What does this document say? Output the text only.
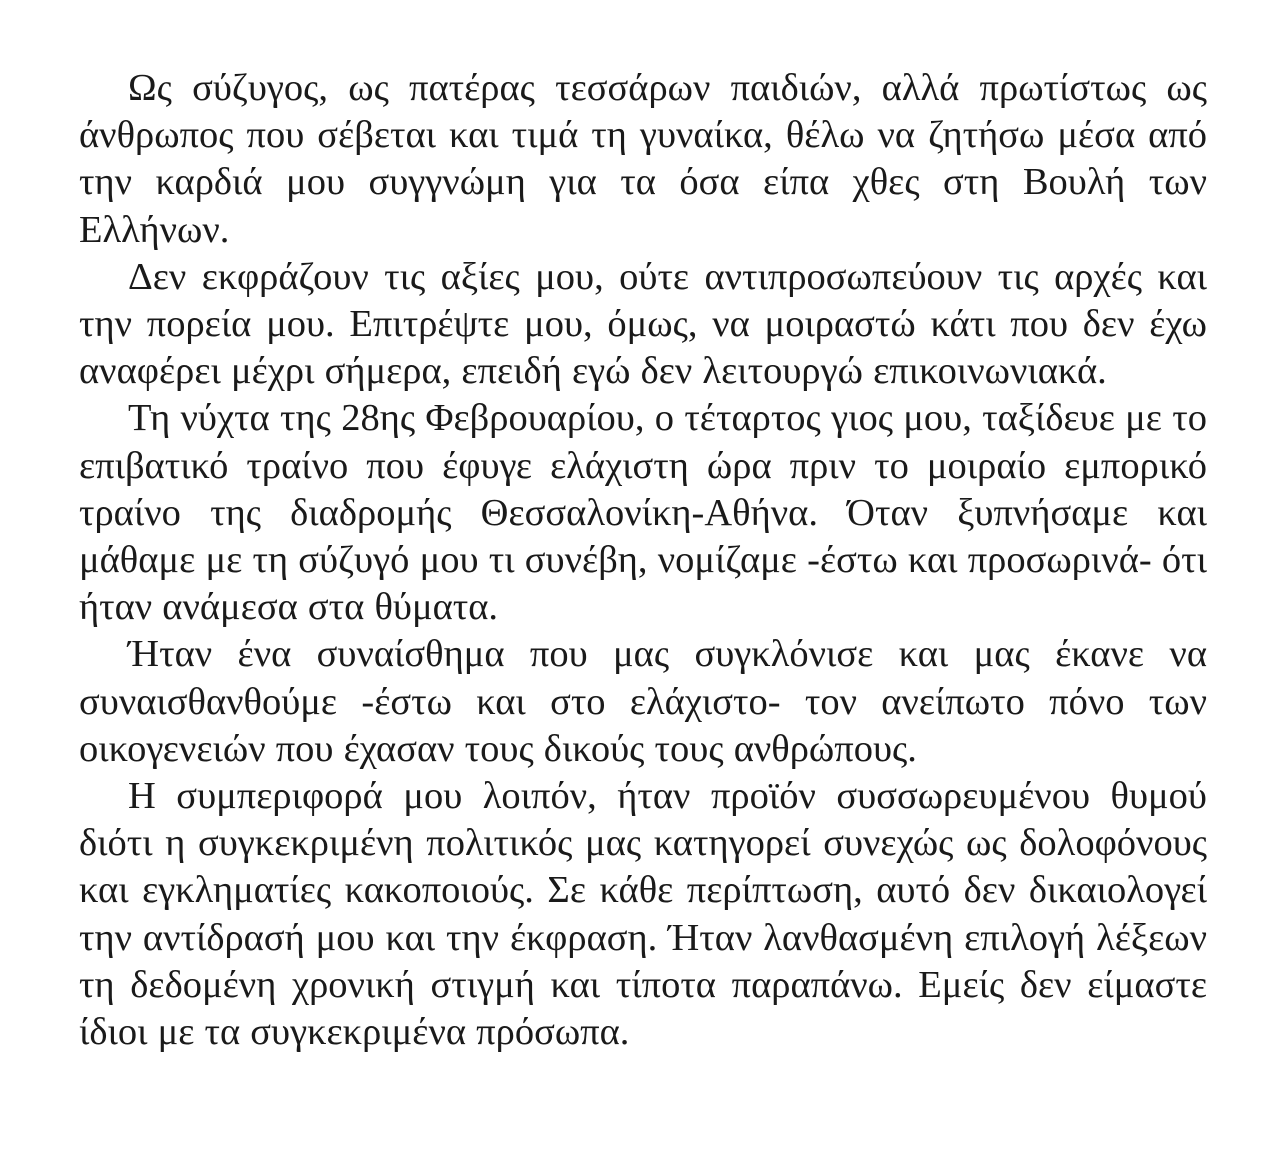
Ως σύζυγος, ως πατέρας τεσσάρων παιδιών, αλλά πρωτίστως ως άνθρωπος που σέβεται και τιμά τη γυναίκα, θέλω να ζητήσω μέσα από την καρδιά μου συγγνώμη για τα όσα είπα χθες στη Βουλή των Ελλήνων.

Δεν εκφράζουν τις αξίες μου, ούτε αντιπροσωπεύουν τις αρχές και την πορεία μου. Επιτρέψτε μου, όμως, να μοιραστώ κάτι που δεν έχω αναφέρει μέχρι σήμερα, επειδή εγώ δεν λειτουργώ επικοινωνιακά.

Τη νύχτα της 28ης Φεβρουαρίου, ο τέταρτος γιος μου, ταξίδευε με το επιβατικό τραίνο που έφυγε ελάχιστη ώρα πριν το μοιραίο εμπορικό τραίνο της διαδρομής Θεσσαλονίκη-Αθήνα. Όταν ξυπνήσαμε και μάθαμε με τη σύζυγό μου τι συνέβη, νομίζαμε -έστω και προσωρινά- ότι ήταν ανάμεσα στα θύματα.

Ήταν ένα συναίσθημα που μας συγκλόνισε και μας έκανε να συναισθανθούμε -έστω και στο ελάχιστο- τον ανείπωτο πόνο των οικογενειών που έχασαν τους δικούς τους ανθρώπους.

Η συμπεριφορά μου λοιπόν, ήταν προϊόν συσσωρευμένου θυμού διότι η συγκεκριμένη πολιτικός μας κατηγορεί συνεχώς ως δολοφόνους και εγκληματίες κακοποιούς. Σε κάθε περίπτωση, αυτό δεν δικαιολογεί την αντίδρασή μου και την έκφραση. Ήταν λανθασμένη επιλογή λέξεων τη δεδομένη χρονική στιγμή και τίποτα παραπάνω. Εμείς δεν είμαστε ίδιοι με τα συγκεκριμένα πρόσωπα.
